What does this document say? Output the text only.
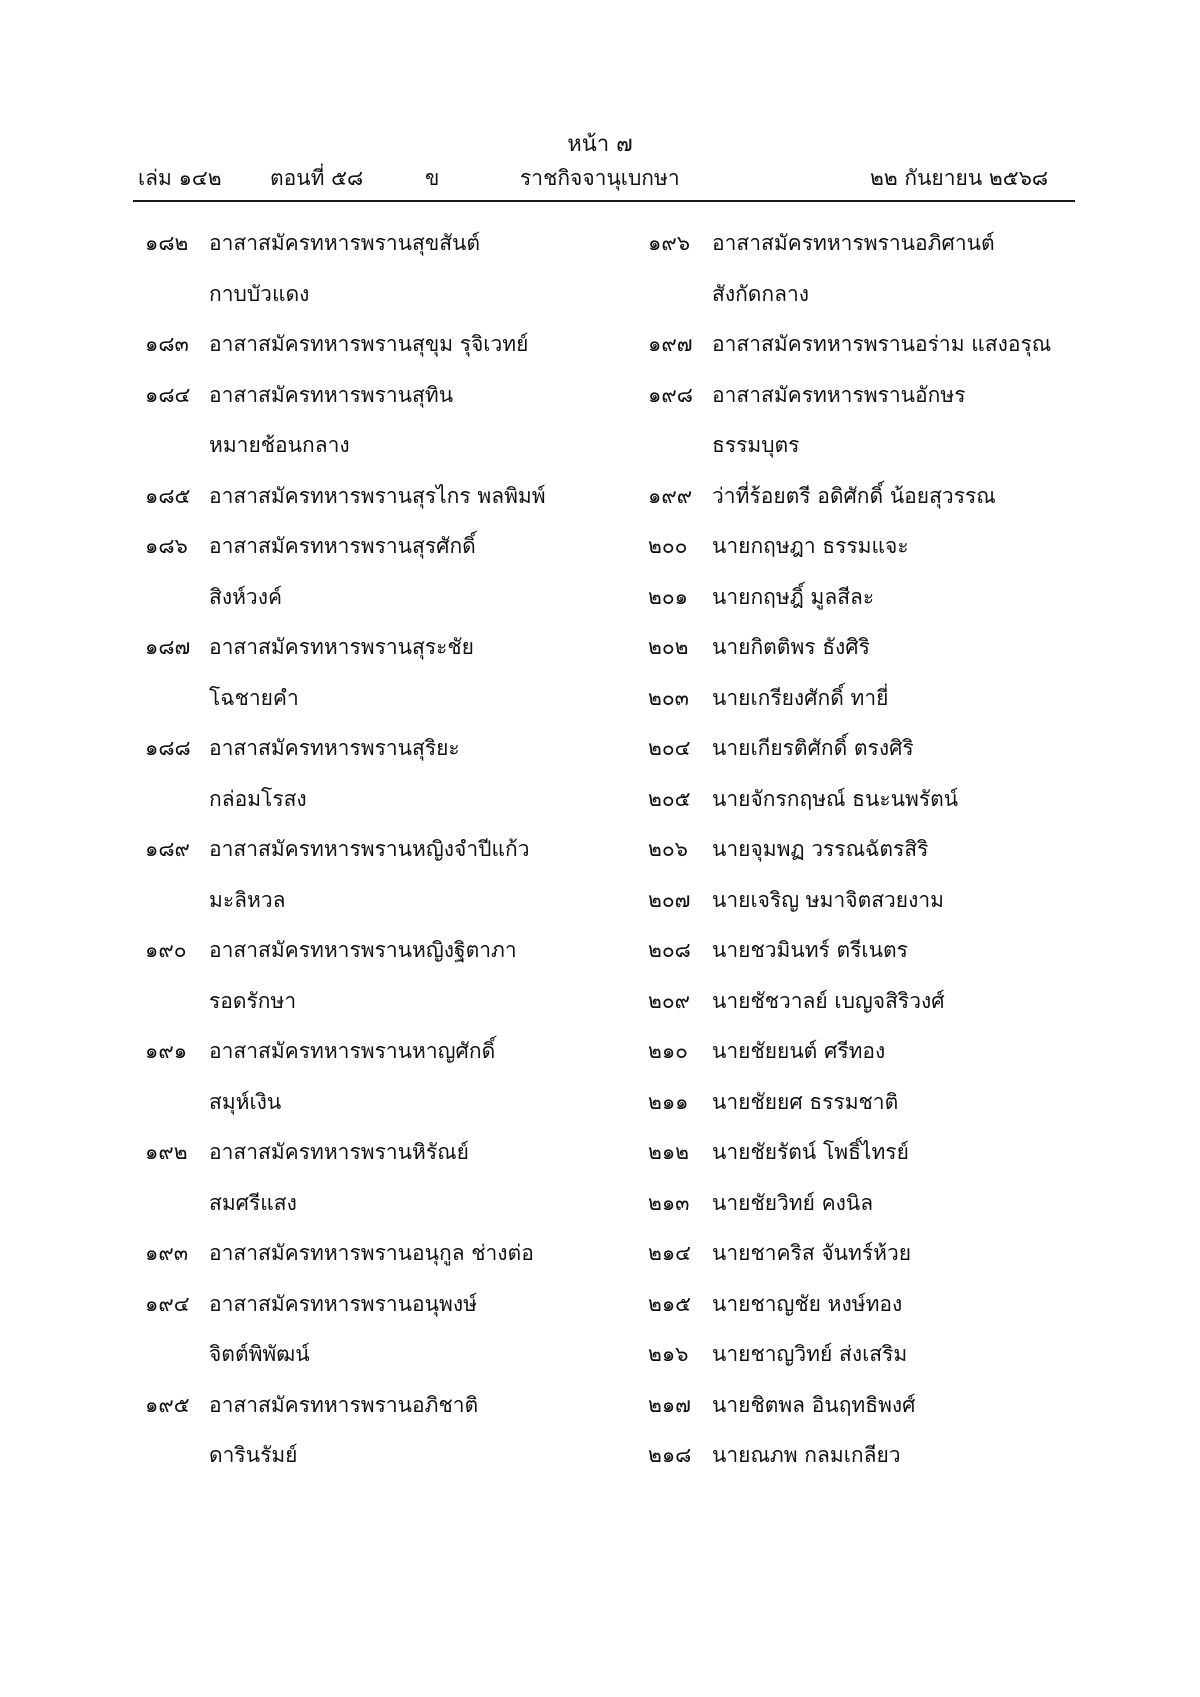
หน้า ๗
เล่ม ๑๔๒ ตอนที่ ๕๘	ข	ราชกิจจานุเบกษา	๒๒ กันยายน ๒๕๖๘
๑๘๒ อาสาสมัครทหารพรานสุขสันต์
กาบบัวแดง
๑๘๓ อาสาสมัครทหารพรานสุขุม รุจิเวทย์
๑๘๔ อาสาสมัครทหารพรานสุทิน
หมายช้อนกลาง
๑๘๕ อาสาสมัครทหารพรานสุรไกร พลพิมพ์
๑๘๖ อาสาสมัครทหารพรานสุรศักดิ์
สิงห์วงค์
๑๘๗ อาสาสมัครทหารพรานสุระชัย
โฉชายคำ
๑๘๘ อาสาสมัครทหารพรานสุริยะ
กล่อมโรสง
๑๘๙ อาสาสมัครทหารพรานหญิงจำปีแก้ว
มะลิหวล
๑๙๐ อาสาสมัครทหารพรานหญิงฐิตาภา
รอดรักษา
๑๙๑ อาสาสมัครทหารพรานหาญศักดิ์
สมุห์เงิน
๑๙๒ อาสาสมัครทหารพรานหิรัณย์
สมศรีแสง
๑๙๓ อาสาสมัครทหารพรานอนุกูล ช่างต่อ
๑๙๔ อาสาสมัครทหารพรานอนุพงษ์
จิตต์พิพัฒน์
๑๙๕ อาสาสมัครทหารพรานอภิชาติ
ดารินรัมย์
๑๙๖ อาสาสมัครทหารพรานอภิศานต์
สังกัดกลาง
๑๙๗ อาสาสมัครทหารพรานอร่าม แสงอรุณ
๑๙๘ อาสาสมัครทหารพรานอักษร
ธรรมบุตร
๑๙๙ ว่าที่ร้อยตรี อดิศักดิ์ น้อยสุวรรณ
๒๐๐ นายกฤษฎา ธรรมแจะ
๒๐๑ นายกฤษฎิ์ มูลสีละ
๒๐๒ นายกิตติพร ธังศิริ
๒๐๓ นายเกรียงศักดิ์ ทายี่
๒๐๔ นายเกียรติศักดิ์ ตรงศิริ
๒๐๕ นายจักรกฤษณ์ ธนะนพรัตน์
๒๐๖ นายจุมพฏ วรรณฉัตรสิริ
๒๐๗ นายเจริญ ษมาจิตสวยงาม
๒๐๘ นายชวมินทร์ ตรีเนตร
๒๐๙ นายชัชวาลย์ เบญจสิริวงศ์
๒๑๐ นายชัยยนต์ ศรีทอง
๒๑๑ นายชัยยศ ธรรมชาติ
๒๑๒ นายชัยรัตน์ โพธิ์ไทรย์
๒๑๓ นายชัยวิทย์ คงนิล
๒๑๔ นายชาคริส จันทร์ห้วย
๒๑๕ นายชาญชัย หงษ์ทอง
๒๑๖ นายชาญวิทย์ ส่งเสริม
๒๑๗ นายชิตพล อินฤทธิพงศ์
๒๑๘ นายณภพ กลมเกลียว
